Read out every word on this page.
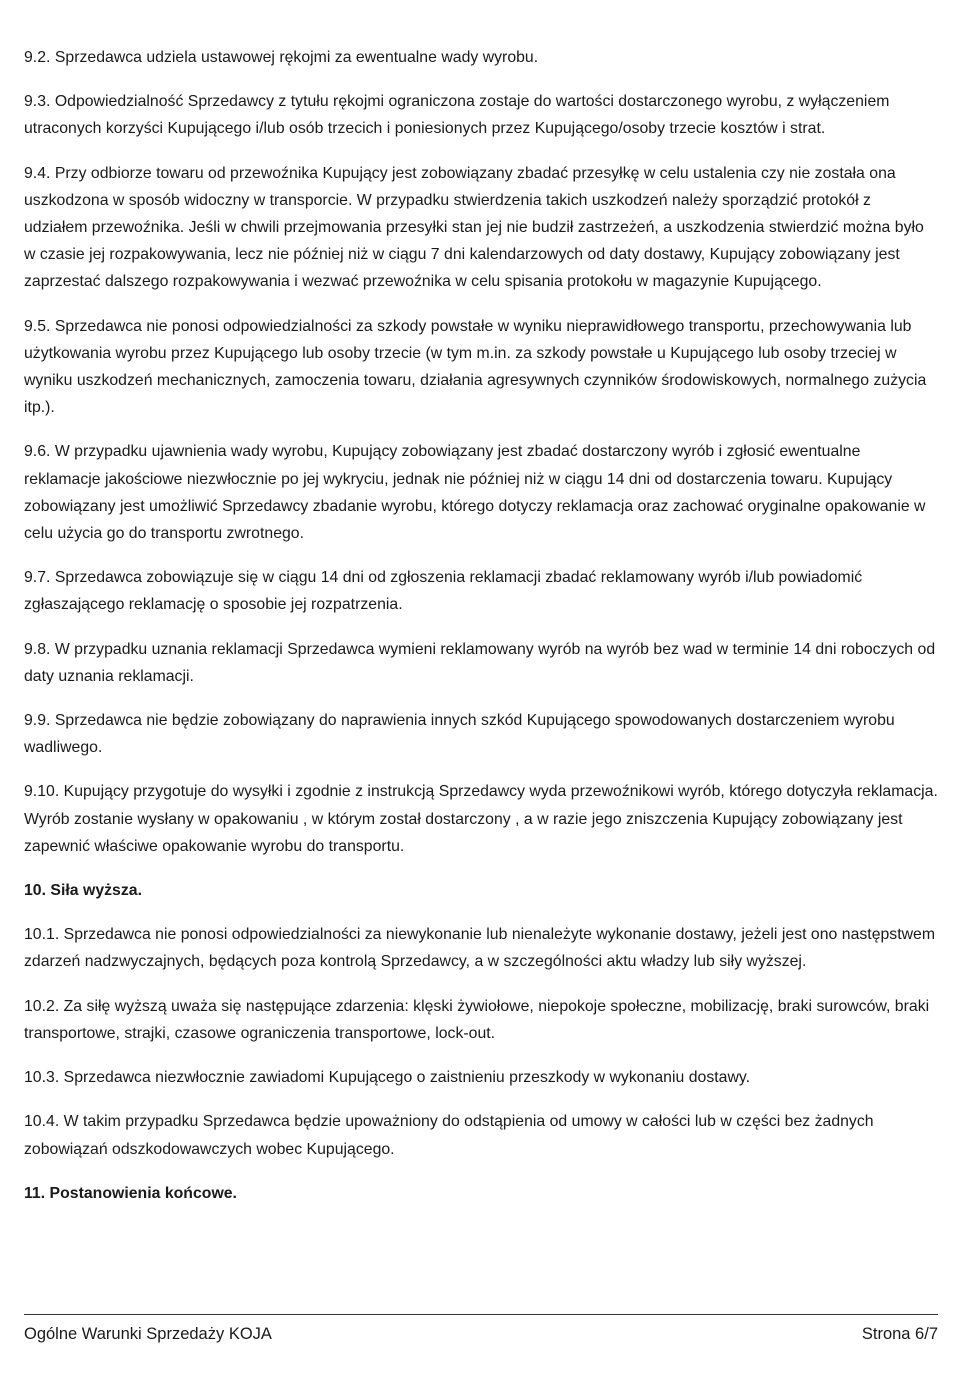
9.2. Sprzedawca udziela ustawowej rękojmi za ewentualne wady wyrobu.

9.3. Odpowiedzialność Sprzedawcy z tytułu rękojmi ograniczona zostaje do wartości dostarczonego wyrobu, z wyłączeniem utraconych korzyści Kupującego i/lub osób trzecich i poniesionych przez Kupującego/osoby trzecie kosztów i strat.

9.4. Przy odbiorze towaru od przewoźnika Kupujący jest zobowiązany zbadać przesyłkę w celu ustalenia czy nie została ona uszkodzona w sposób widoczny w transporcie. W przypadku stwierdzenia takich uszkodzeń należy sporządzić protokół z udziałem przewoźnika. Jeśli w chwili przejmowania przesyłki stan jej nie budził zastrzeżeń, a uszkodzenia stwierdzić można było w czasie jej rozpakowywania, lecz nie później niż w ciągu 7 dni kalendarzowych od daty dostawy, Kupujący zobowiązany jest zaprzestać dalszego rozpakowywania i wezwać przewoźnika w celu spisania protokołu w magazynie Kupującego.

9.5. Sprzedawca nie ponosi odpowiedzialności za szkody powstałe w wyniku nieprawidłowego transportu, przechowywania lub użytkowania wyrobu przez Kupującego lub osoby trzecie (w tym m.in. za szkody powstałe u Kupującego lub osoby trzeciej w wyniku uszkodzeń mechanicznych, zamoczenia towaru, działania agresywnych czynników środowiskowych, normalnego zużycia itp.).

9.6. W przypadku ujawnienia wady wyrobu, Kupujący zobowiązany jest zbadać dostarczony wyrób i zgłosić ewentualne reklamacje jakościowe niezwłocznie po jej wykryciu, jednak nie później niż w ciągu 14 dni od dostarczenia towaru. Kupujący zobowiązany jest umożliwić Sprzedawcy zbadanie wyrobu, którego dotyczy reklamacja oraz zachować oryginalne opakowanie w celu użycia go do transportu zwrotnego.

9.7. Sprzedawca zobowiązuje się w ciągu 14 dni od zgłoszenia reklamacji zbadać reklamowany wyrób i/lub powiadomić zgłaszającego reklamację o sposobie jej rozpatrzenia.

9.8. W przypadku uznania reklamacji Sprzedawca wymieni reklamowany wyrób na wyrób bez wad w terminie 14 dni roboczych od daty uznania reklamacji.

9.9. Sprzedawca nie będzie zobowiązany do naprawienia innych szkód Kupującego spowodowanych dostarczeniem wyrobu wadliwego.

9.10. Kupujący przygotuje do wysyłki i zgodnie z instrukcją Sprzedawcy wyda przewoźnikowi wyrób, którego dotyczyła reklamacja. Wyrób zostanie wysłany w opakowaniu , w którym został dostarczony , a w razie jego zniszczenia Kupujący zobowiązany jest zapewnić właściwe opakowanie wyrobu do transportu.

10. Siła wyższa.

10.1. Sprzedawca nie ponosi odpowiedzialności za niewykonanie lub nienależyte wykonanie dostawy, jeżeli jest ono następstwem zdarzeń nadzwyczajnych, będących poza kontrolą Sprzedawcy, a w szczególności aktu władzy lub siły wyższej.

10.2. Za siłę wyższą uważa się następujące zdarzenia: klęski żywiołowe, niepokoje społeczne, mobilizację, braki surowców, braki transportowe, strajki, czasowe ograniczenia transportowe, lock-out.

10.3. Sprzedawca niezwłocznie zawiadomi Kupującego o zaistnieniu przeszkody w wykonaniu dostawy.

10.4. W takim przypadku Sprzedawca będzie upoważniony do odstąpienia od umowy w całości lub w części bez żadnych zobowiązań odszkodowawczych wobec Kupującego.

11. Postanowienia końcowe.

Ogólne Warunki Sprzedaży KOJA	Strona 6/7
